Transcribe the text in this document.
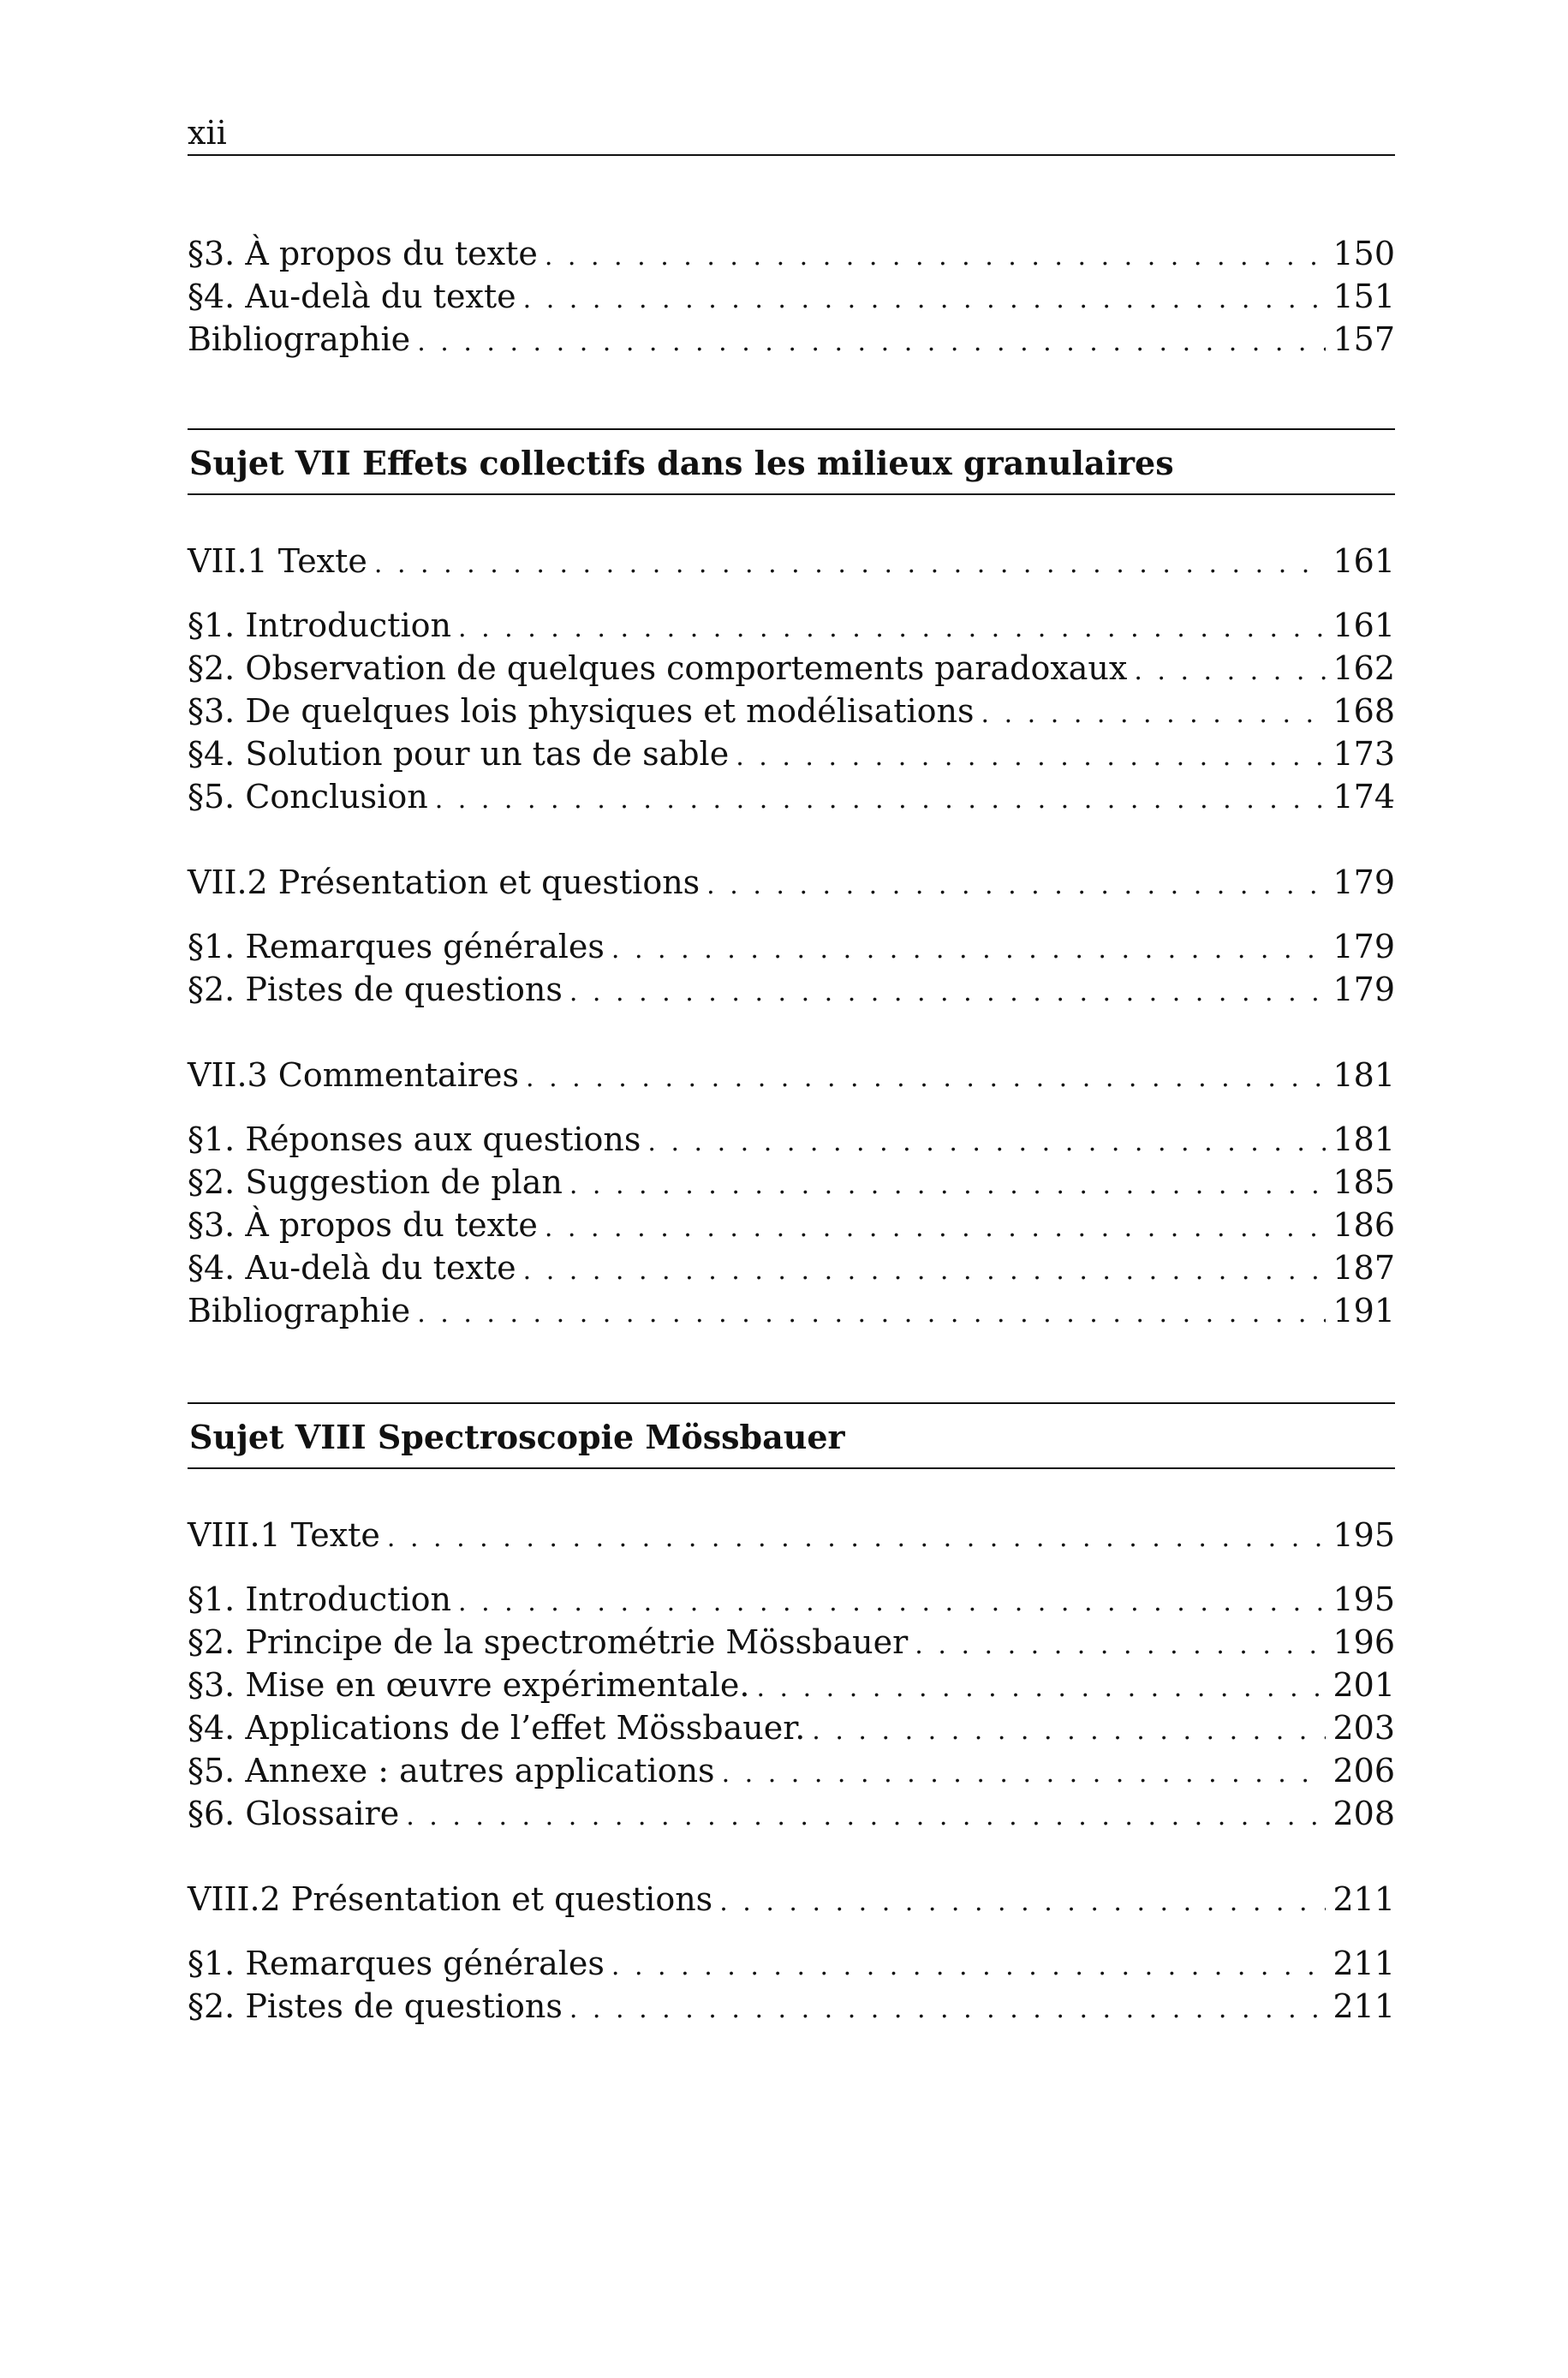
xii
§3. À propos du texte . . .	150
§4. Au-delà du texte . . .	151
Bibliographie . . .	157
Sujet VII Effets collectifs dans les milieux granulaires
VII.1 Texte . . .	161
§1. Introduction . . .	161
§2. Observation de quelques comportements paradoxaux . . .	162
§3. De quelques lois physiques et modélisations . . .	168
§4. Solution pour un tas de sable . . .	173
§5. Conclusion . . .	174
VII.2 Présentation et questions . . .	179
§1. Remarques générales . . .	179
§2. Pistes de questions . . .	179
VII.3 Commentaires . . .	181
§1. Réponses aux questions . . .	181
§2. Suggestion de plan . . .	185
§3. À propos du texte . . .	186
§4. Au-delà du texte . . .	187
Bibliographie . . .	191
Sujet VIII Spectroscopie Mössbauer
VIII.1 Texte . . .	195
§1. Introduction . . .	195
§2. Principe de la spectrométrie Mössbauer . . .	196
§3. Mise en œuvre expérimentale. . . .	201
§4. Applications de l’effet Mössbauer. . . .	203
§5. Annexe : autres applications . . .	206
§6. Glossaire . . .	208
VIII.2 Présentation et questions . . .	211
§1. Remarques générales . . .	211
§2. Pistes de questions . . .	211
